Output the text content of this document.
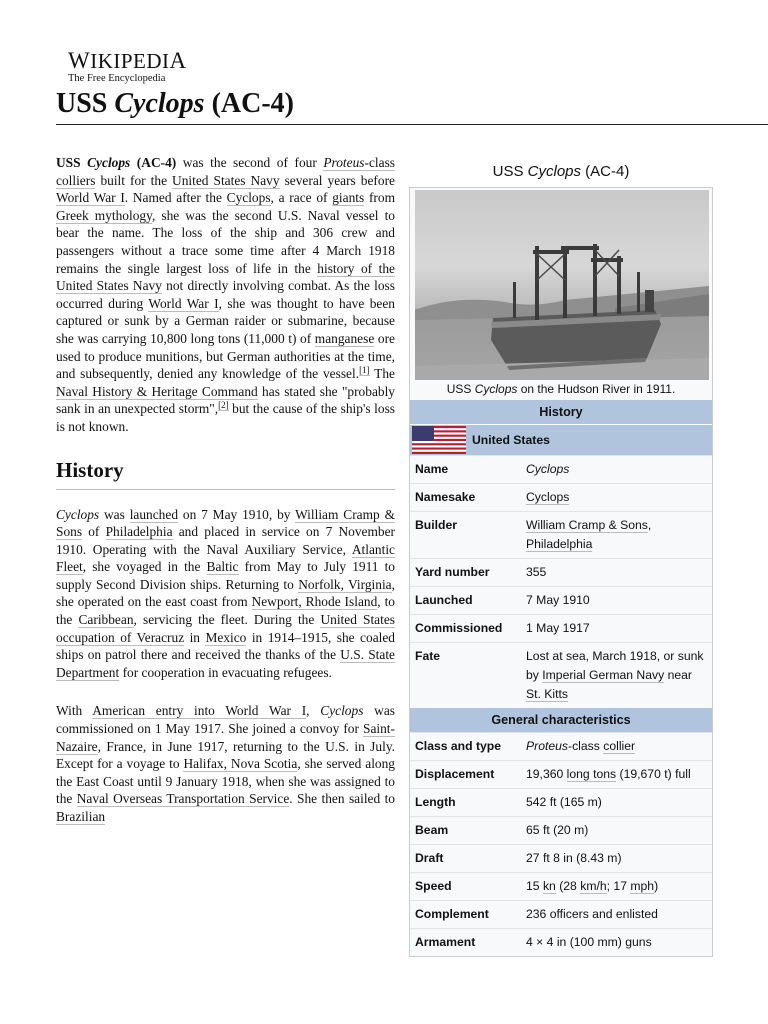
WIKIPEDIA
The Free Encyclopedia
USS Cyclops (AC-4)

USS Cyclops (AC-4) was the second of four Proteus-class colliers built for the United States Navy several years before World War I. Named after the Cyclops, a race of giants from Greek mythology, she was the second U.S. Naval vessel to bear the name. The loss of the ship and 306 crew and passengers without a trace some time after 4 March 1918 remains the single largest loss of life in the history of the United States Navy not directly involving combat. As the loss occurred during World War I, she was thought to have been captured or sunk by a German raider or submarine, because she was carrying 10,800 long tons (11,000 t) of manganese ore used to produce munitions, but German authorities at the time, and subsequently, denied any knowledge of the vessel.[1] The Naval History & Heritage Command has stated she "probably sank in an unexpected storm",[2] but the cause of the ship's loss is not known.

History

Cyclops was launched on 7 May 1910, by William Cramp & Sons of Philadelphia and placed in service on 7 November 1910. Operating with the Naval Auxiliary Service, Atlantic Fleet, she voyaged in the Baltic from May to July 1911 to supply Second Division ships. Returning to Norfolk, Virginia, she operated on the east coast from Newport, Rhode Island, to the Caribbean, servicing the fleet. During the United States occupation of Veracruz in Mexico in 1914–1915, she coaled ships on patrol there and received the thanks of the U.S. State Department for cooperation in evacuating refugees.

With American entry into World War I, Cyclops was commissioned on 1 May 1917. She joined a convoy for Saint-Nazaire, France, in June 1917, returning to the U.S. in July. Except for a voyage to Halifax, Nova Scotia, she served along the East Coast until 9 January 1918, when she was assigned to the Naval Overseas Transportation Service. She then sailed to Brazilian

USS Cyclops (AC-4)
USS Cyclops on the Hudson River in 1911.
History
United States
Name	Cyclops
Namesake	Cyclops
Builder	William Cramp & Sons, Philadelphia
Yard number	355
Launched	7 May 1910
Commissioned	1 May 1917
Fate	Lost at sea, March 1918, or sunk by Imperial German Navy near St. Kitts
General characteristics
Class and type	Proteus-class collier
Displacement	19,360 long tons (19,670 t) full
Length	542 ft (165 m)
Beam	65 ft (20 m)
Draft	27 ft 8 in (8.43 m)
Speed	15 kn (28 km/h; 17 mph)
Complement	236 officers and enlisted
Armament	4 × 4 in (100 mm) guns
